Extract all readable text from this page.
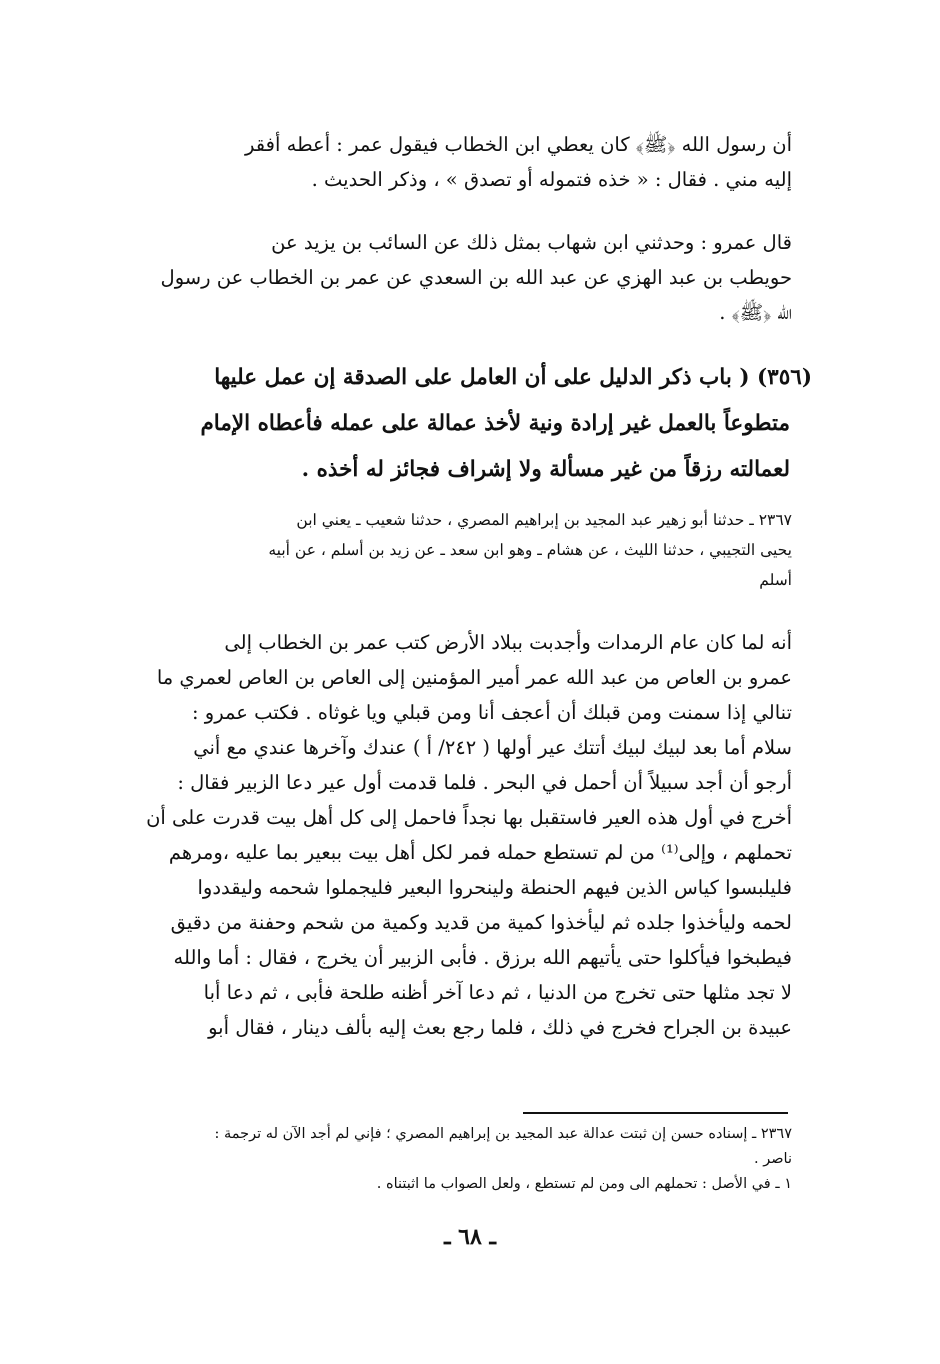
أن رسول الله ﴿ﷺ﴾ كان يعطي ابن الخطاب فيقول عمر : أعطه أفقر
إليه مني . فقال : « خذه فتموله أو تصدق » ، وذكر الحديث .
قال عمرو : وحدثني ابن شهاب بمثل ذلك عن السائب بن يزيد عن
حويطب بن عبد الهزي عن عبد الله بن السعدي عن عمر بن الخطاب عن رسول
الله ﴿ﷺ﴾ .
(٣٥٦) ( باب ذكر الدليل على أن العامل على الصدقة إن عمل عليها
متطوعاً بالعمل غير إرادة ونية لأخذ عمالة على عمله فأعطاه الإمام
لعمالته رزقاً من غير مسألة ولا إشراف فجائز له أخذه .
٢٣٦٧ ـ حدثنا أبو زهير عبد المجيد بن إبراهيم المصري ، حدثنا شعيب ـ يعني ابن
يحيى التجيبي ، حدثنا الليث ، عن هشام ـ وهو ابن سعد ـ عن زيد بن أسلم ، عن أبيه
أسلم
أنه لما كان عام الرمدات وأجدبت ببلاد الأرض كتب عمر بن الخطاب إلى
عمرو بن العاص من عبد الله عمر أمير المؤمنين إلى العاص بن العاص لعمري ما
تنالي إذا سمنت ومن قبلك أن أعجف أنا ومن قبلي ويا غوثاه . فكتب عمرو :
سلام أما بعد لبيك لبيك أتتك عير أولها ( ٢٤٢/ أ ) عندك وآخرها عندي مع أني
أرجو أن أجد سبيلاً أن أحمل في البحر . فلما قدمت أول عير دعا الزبير فقال :
أخرج في أول هذه العير فاستقبل بها نجداً فاحمل إلى كل أهل بيت قدرت على أن
تحملهم ، وإلى⁽¹⁾ من لم تستطع حمله فمر لكل أهل بيت ببعير بما عليه ،ومرهم
فليلبسوا كياس الذين فيهم الحنطة ولينحروا البعير فليجملوا شحمه وليقددوا
لحمه وليأخذوا جلده ثم ليأخذوا كمية من قديد وكمية من شحم وحفنة من دقيق
فيطبخوا فيأكلوا حتى يأتيهم الله برزق . فأبى الزبير أن يخرج ، فقال : أما والله
لا تجد مثلها حتى تخرج من الدنيا ، ثم دعا آخر أظنه طلحة فأبى ، ثم دعا أبا
عبيدة بن الجراح فخرج في ذلك ، فلما رجع بعث إليه بألف دينار ، فقال أبو
٢٣٦٧ ـ إسناده حسن إن ثبتت عدالة عبد المجيد بن إبراهيم المصري ؛ فإني لم أجد الآن له ترجمة :
ناصر .
١ ـ في الأصل : تحملهم الى ومن لم تستطع ، ولعل الصواب ما اثبتناه .
ـ ٦٨ ـ
